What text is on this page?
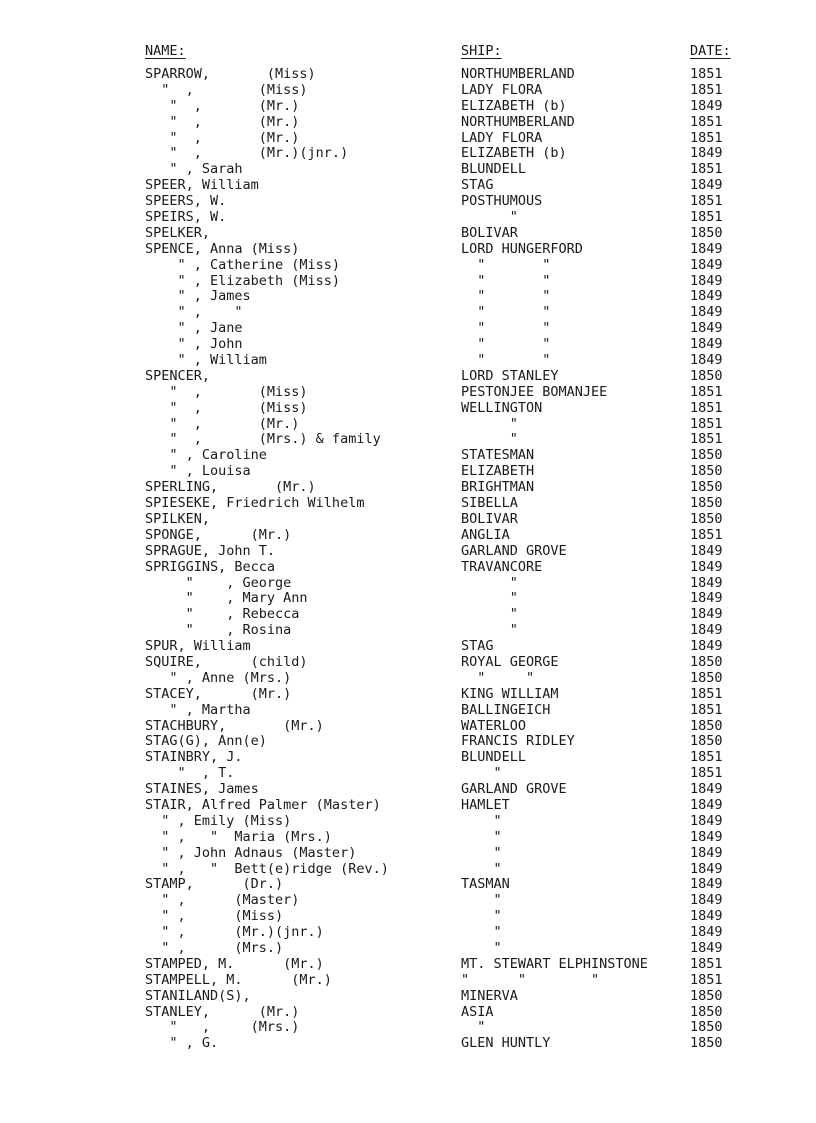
NAME:	SHIP:	DATE:
SPARROW,       (Miss)	NORTHUMBERLAND	1851
"  ,        (Miss)	LADY FLORA	1851
"  ,       (Mr.)	ELIZABETH (b)	1849
"  ,       (Mr.)	NORTHUMBERLAND	1851
"  ,       (Mr.)	LADY FLORA	1851
"  ,       (Mr.)(jnr.)	ELIZABETH (b)	1849
" , Sarah	BLUNDELL	1851
SPEER, William	STAG	1849
SPEERS, W.	POSTHUMOUS	1851
SPEIRS, W.	"	1851
SPELKER,	BOLIVAR	1850
SPENCE, Anna (Miss)	LORD HUNGERFORD	1849
" , Catherine (Miss)	"       "	1849
" , Elizabeth (Miss)	"       "	1849
" , James	"       "	1849
" ,    "	"       "	1849
" , Jane	"       "	1849
" , John	"       "	1849
" , William	"       "	1849
SPENCER,	LORD STANLEY	1850
"  ,       (Miss)	PESTONJEE BOMANJEE	1851
"  ,       (Miss)	WELLINGTON	1851
"  ,       (Mr.)	"	1851
"  ,       (Mrs.) & family	"	1851
" , Caroline	STATESMAN	1850
" , Louisa	ELIZABETH	1850
SPERLING,       (Mr.)	BRIGHTMAN	1850
SPIESEKE, Friedrich Wilhelm	SIBELLA	1850
SPILKEN,	BOLIVAR	1850
SPONGE,      (Mr.)	ANGLIA	1851
SPRAGUE, John T.	GARLAND GROVE	1849
SPRIGGINS, Becca	TRAVANCORE	1849
"    , George	"	1849
"    , Mary Ann	"	1849
"    , Rebecca	"	1849
"    , Rosina	"	1849
SPUR, William	STAG	1849
SQUIRE,      (child)	ROYAL GEORGE	1850
" , Anne (Mrs.)	"     "	1850
STACEY,      (Mr.)	KING WILLIAM	1851
" , Martha	BALLINGEICH	1851
STACHBURY,       (Mr.)	WATERLOO	1850
STAG(G), Ann(e)	FRANCIS RIDLEY	1850
STAINBRY, J.	BLUNDELL	1851
"  , T.	"	1851
STAINES, James	GARLAND GROVE	1849
STAIR, Alfred Palmer (Master)	HAMLET	1849
" , Emily (Miss)	"	1849
" ,   "  Maria (Mrs.)	"	1849
" , John Adnaus (Master)	"	1849
" ,   "  Bett(e)ridge (Rev.)	"	1849
STAMP,      (Dr.)	TASMAN	1849
" ,      (Master)	"	1849
" ,      (Miss)	"	1849
" ,      (Mr.)(jnr.)	"	1849
" ,      (Mrs.)	"	1849
STAMPED, M.      (Mr.)	MT. STEWART ELPHINSTONE	1851
STAMPELL, M.      (Mr.)	"      "        "	1851
STANILAND(S),	MINERVA	1850
STANLEY,      (Mr.)	ASIA	1850
"   ,     (Mrs.)	"	1850
" , G.	GLEN HUNTLY	1850
